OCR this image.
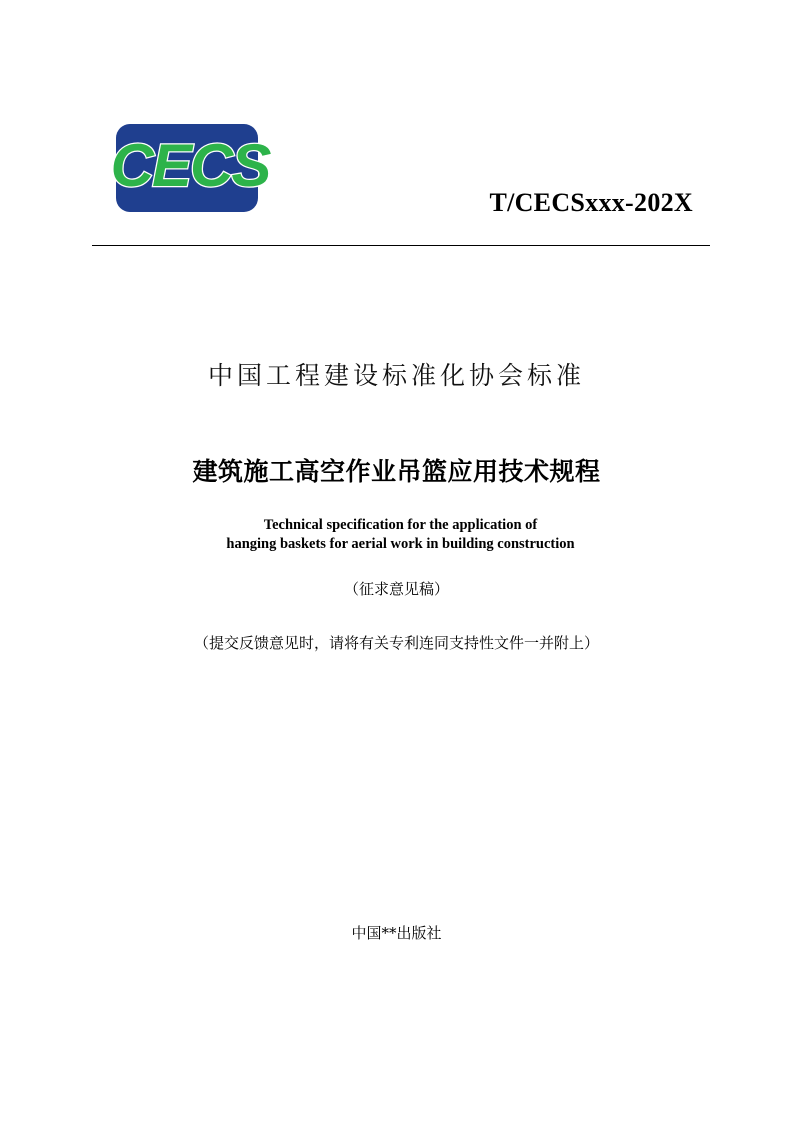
CECS
T/CECSxxx-202X
中国工程建设标准化协会标准
建筑施工高空作业吊篮应用技术规程
Technical specification for the application of
hanging baskets for aerial work in building construction
（征求意见稿）
（提交反馈意见时，请将有关专利连同支持性文件一并附上）
中国**出版社
